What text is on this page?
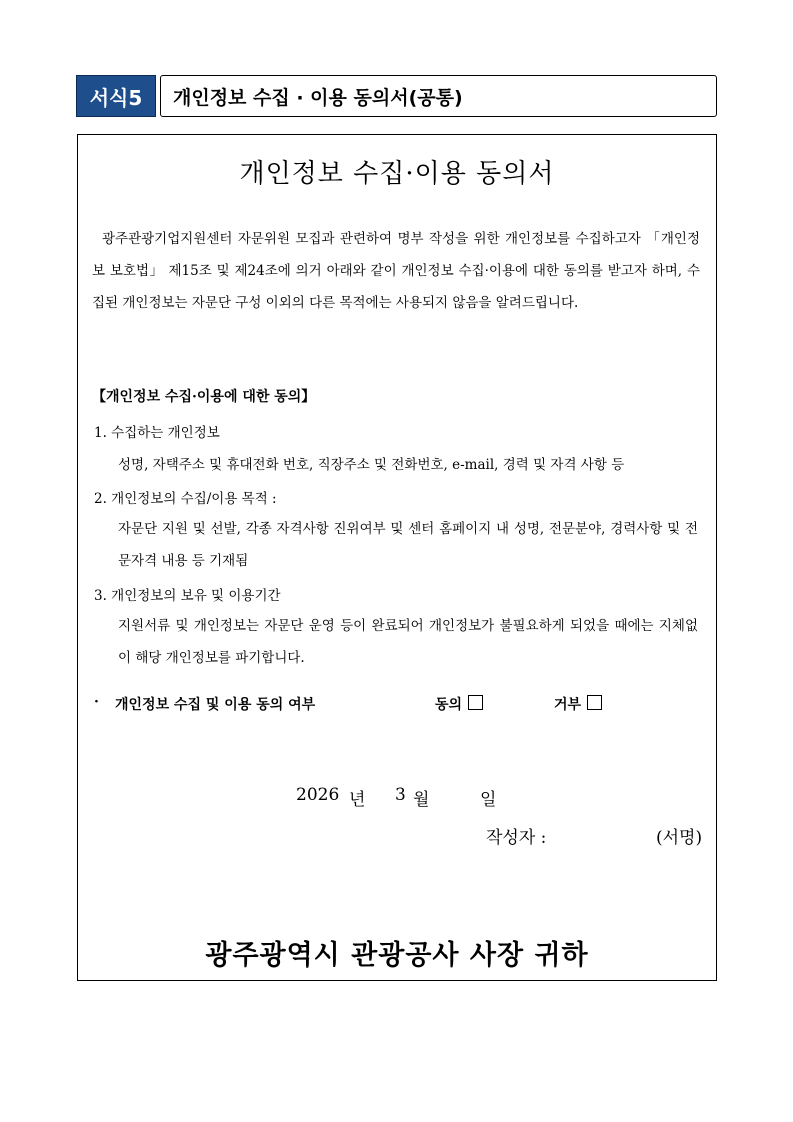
서식5	개인정보 수집 · 이용 동의서(공통)
개인정보 수집·이용 동의서
광주관광기업지원센터 자문위원 모집과 관련하여 명부 작성을 위한 개인정보를 수집하고자 「개인정보 보호법」 제15조 및 제24조에 의거 아래와 같이 개인정보 수집·이용에 대한 동의를 받고자 하며, 수집된 개인정보는 자문단 구성 이외의 다른 목적에는 사용되지 않음을 알려드립니다.
【개인정보 수집·이용에 대한 동의】
1. 수집하는 개인정보
성명, 자택주소 및 휴대전화 번호, 직장주소 및 전화번호, e-mail, 경력 및 자격 사항 등
2. 개인정보의 수집/이용 목적 :
자문단 지원 및 선발, 각종 자격사항 진위여부 및 센터 홈페이지 내 성명, 전문분야, 경력사항 및 전문자격 내용 등 기재됨
3. 개인정보의 보유 및 이용기간
지원서류 및 개인정보는 자문단 운영 등이 완료되어 개인정보가 불필요하게 되었을 때에는 지체없이 해당 개인정보를 파기합니다.
· 개인정보 수집 및 이용 동의 여부	동의	거부
2026 년 3 월	일
작성자 :	(서명)
광주광역시 관광공사 사장 귀하
